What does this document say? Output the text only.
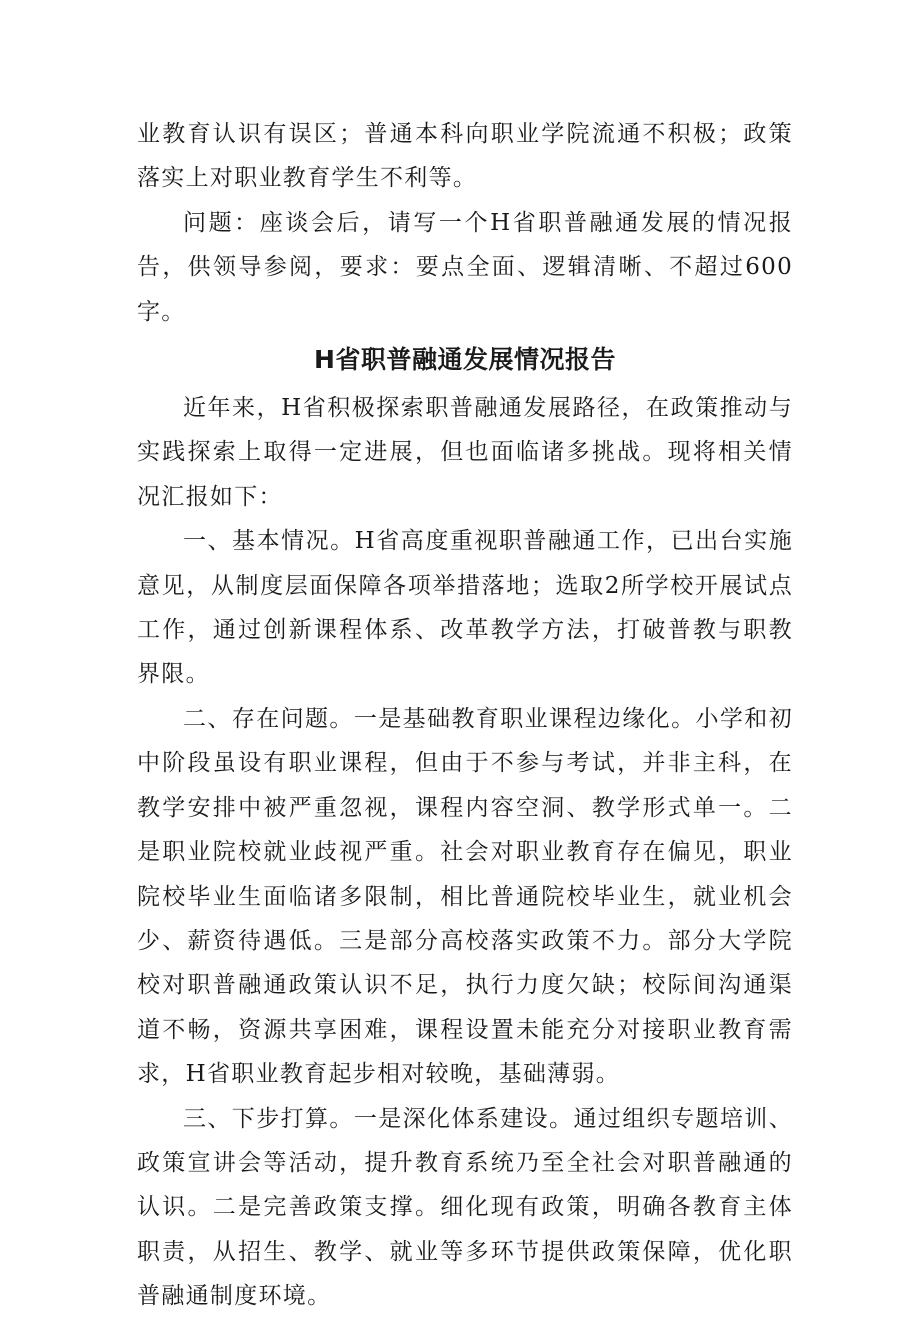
业教育认识有误区；普通本科向职业学院流通不积极；政策落实上对职业教育学生不利等。

问题：座谈会后，请写一个H省职普融通发展的情况报告，供领导参阅，要求：要点全面、逻辑清晰、不超过600字。

H省职普融通发展情况报告

近年来，H省积极探索职普融通发展路径，在政策推动与实践探索上取得一定进展，但也面临诸多挑战。现将相关情况汇报如下：

一、基本情况。H省高度重视职普融通工作，已出台实施意见，从制度层面保障各项举措落地；选取2所学校开展试点工作，通过创新课程体系、改革教学方法，打破普教与职教界限。

二、存在问题。一是基础教育职业课程边缘化。小学和初中阶段虽设有职业课程，但由于不参与考试，并非主科，在教学安排中被严重忽视，课程内容空洞、教学形式单一。二是职业院校就业歧视严重。社会对职业教育存在偏见，职业院校毕业生面临诸多限制，相比普通院校毕业生，就业机会少、薪资待遇低。三是部分高校落实政策不力。部分大学院校对职普融通政策认识不足，执行力度欠缺；校际间沟通渠道不畅，资源共享困难，课程设置未能充分对接职业教育需求，H省职业教育起步相对较晚，基础薄弱。

三、下步打算。一是深化体系建设。通过组织专题培训、政策宣讲会等活动，提升教育系统乃至全社会对职普融通的认识。二是完善政策支撑。细化现有政策，明确各教育主体职责，从招生、教学、就业等多环节提供政策保障，优化职普融通制度环境。
